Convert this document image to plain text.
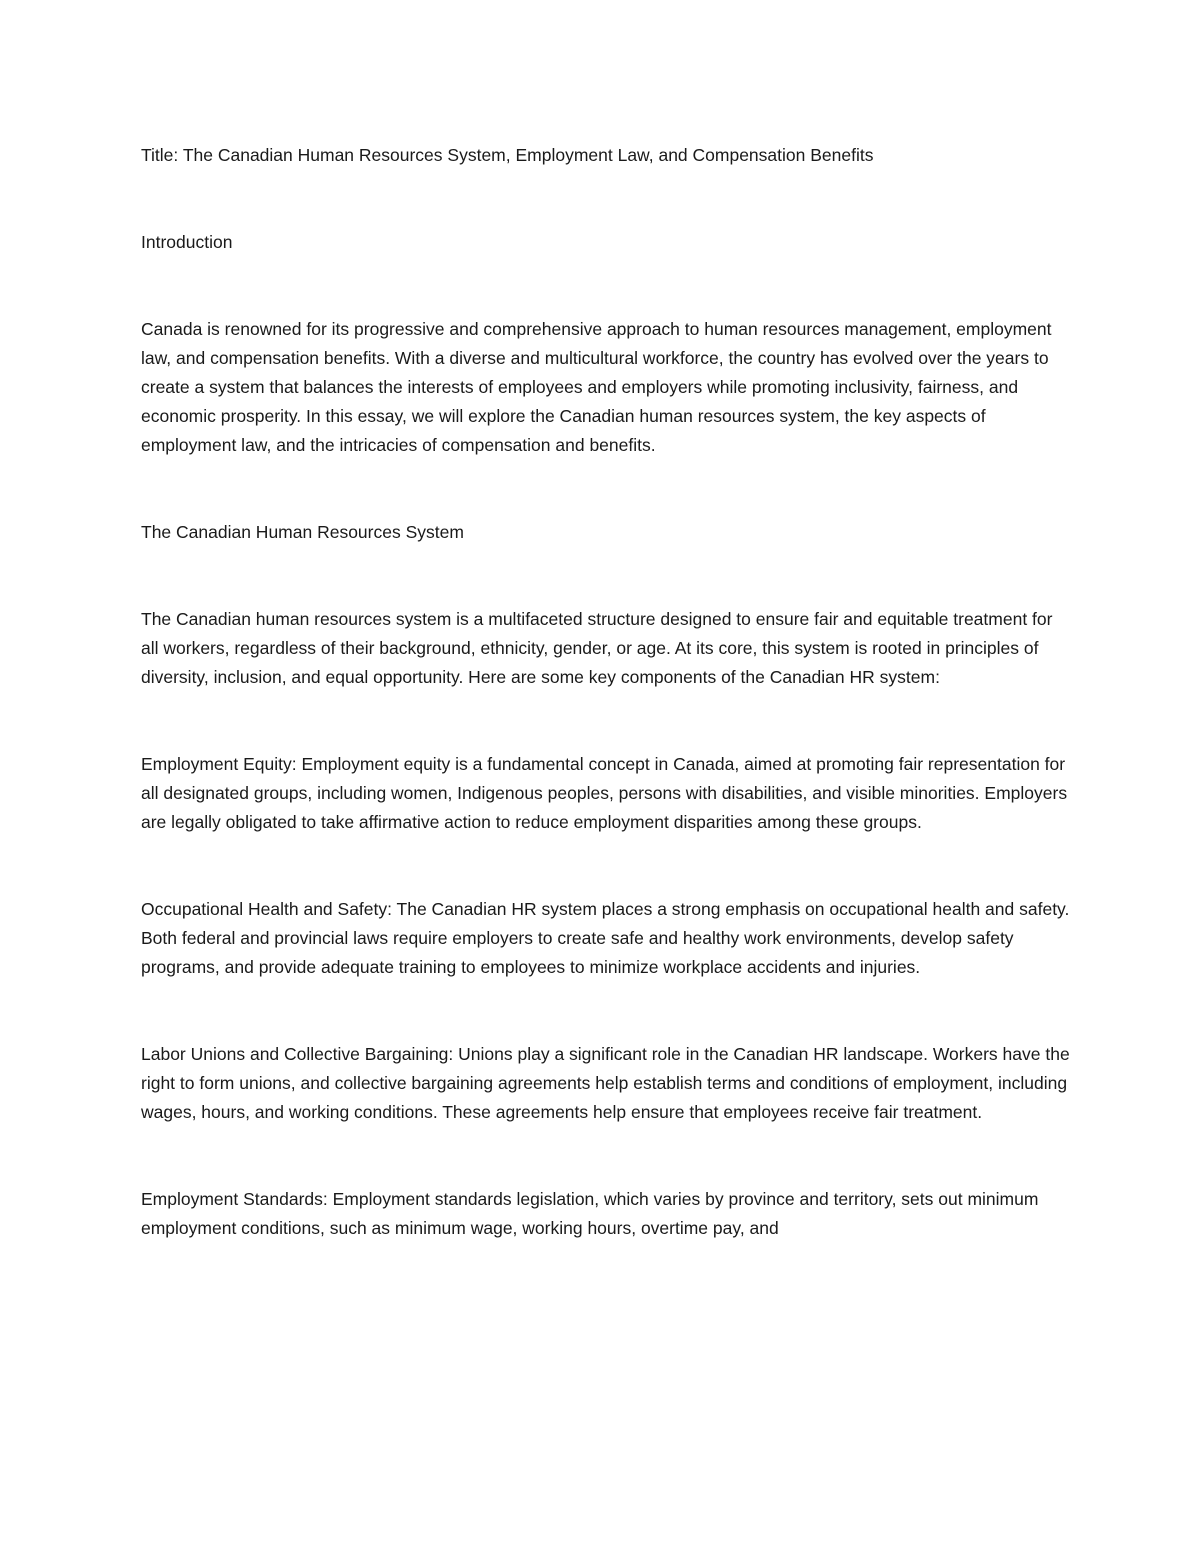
Title: The Canadian Human Resources System, Employment Law, and Compensation Benefits

Introduction

Canada is renowned for its progressive and comprehensive approach to human resources management, employment law, and compensation benefits. With a diverse and multicultural workforce, the country has evolved over the years to create a system that balances the interests of employees and employers while promoting inclusivity, fairness, and economic prosperity. In this essay, we will explore the Canadian human resources system, the key aspects of employment law, and the intricacies of compensation and benefits.

The Canadian Human Resources System

The Canadian human resources system is a multifaceted structure designed to ensure fair and equitable treatment for all workers, regardless of their background, ethnicity, gender, or age. At its core, this system is rooted in principles of diversity, inclusion, and equal opportunity. Here are some key components of the Canadian HR system:

Employment Equity: Employment equity is a fundamental concept in Canada, aimed at promoting fair representation for all designated groups, including women, Indigenous peoples, persons with disabilities, and visible minorities. Employers are legally obligated to take affirmative action to reduce employment disparities among these groups.

Occupational Health and Safety: The Canadian HR system places a strong emphasis on occupational health and safety. Both federal and provincial laws require employers to create safe and healthy work environments, develop safety programs, and provide adequate training to employees to minimize workplace accidents and injuries.

Labor Unions and Collective Bargaining: Unions play a significant role in the Canadian HR landscape. Workers have the right to form unions, and collective bargaining agreements help establish terms and conditions of employment, including wages, hours, and working conditions. These agreements help ensure that employees receive fair treatment.

Employment Standards: Employment standards legislation, which varies by province and territory, sets out minimum employment conditions, such as minimum wage, working hours, overtime pay, and
